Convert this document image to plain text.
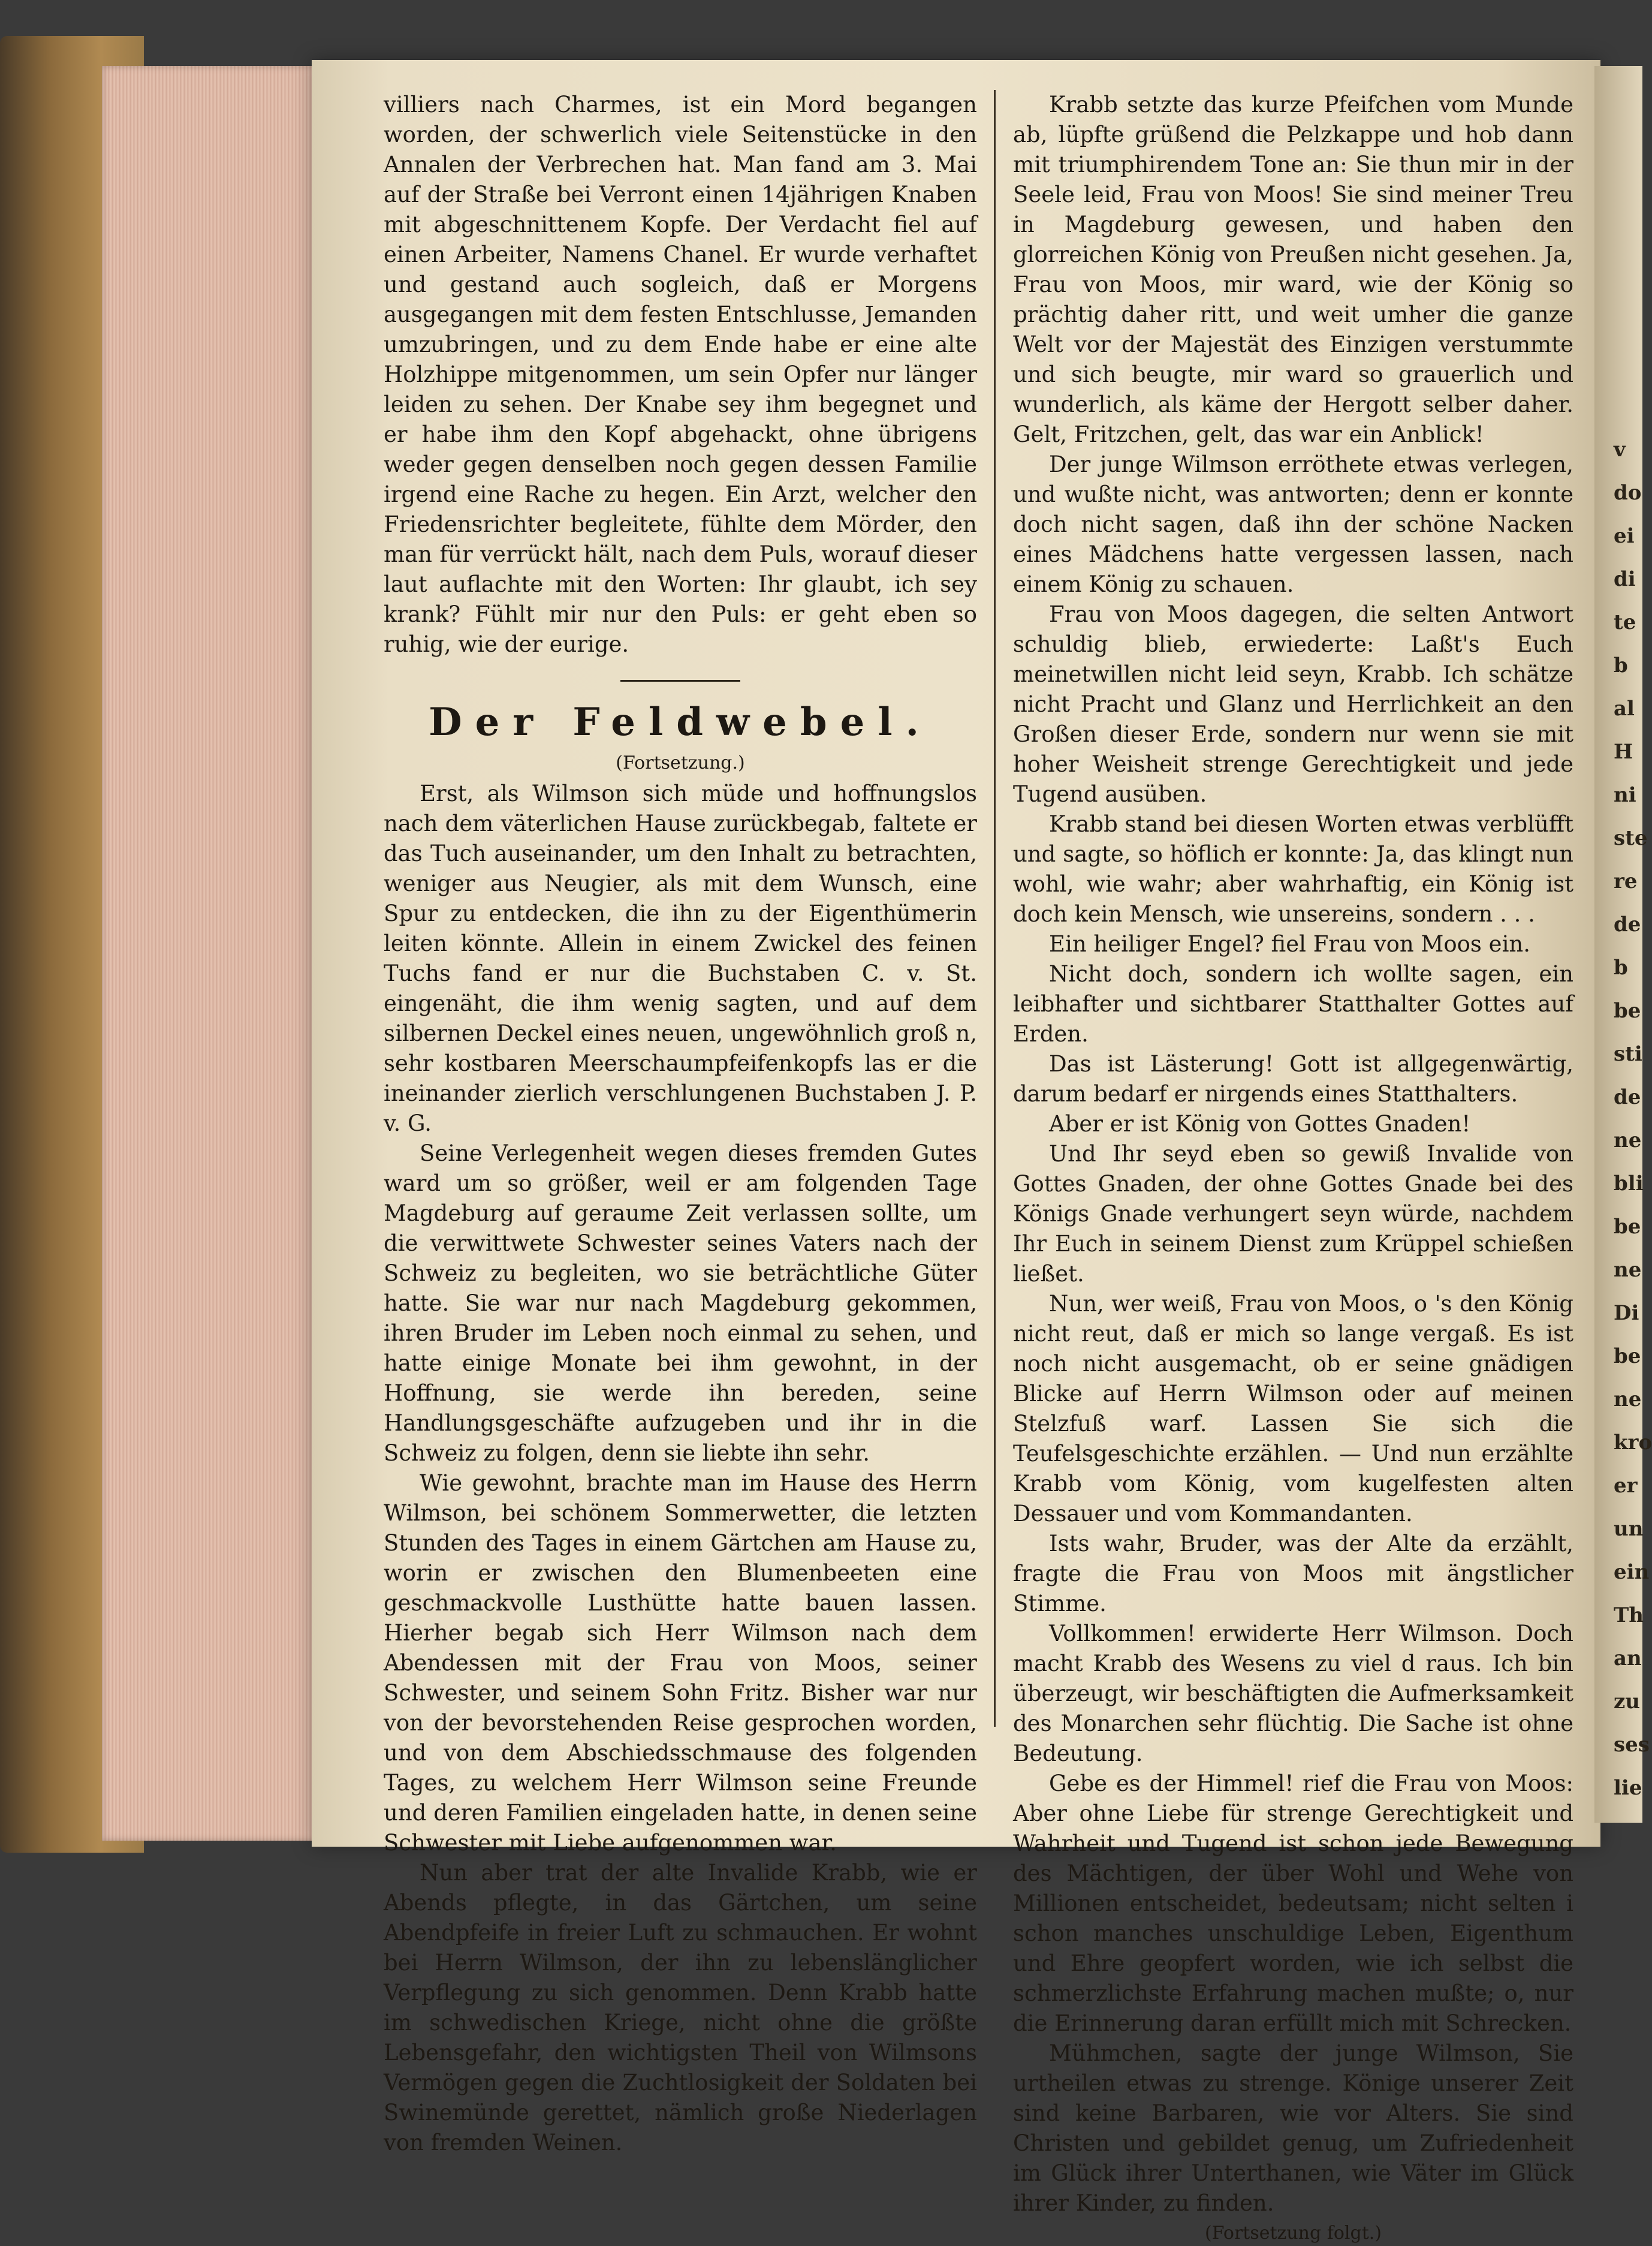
v
do
ei
di
te
b
al
H
ni
ste
re
de
b
be
sti
de
ne
bli
be
ne
Di
be
ne
kro
er
un
ein
Th
an
zu
ses
lie

villiers nach Charmes, ist ein Mord begangen worden, der schwerlich viele Seitenstücke in den Annalen der Verbrechen hat. Man fand am 3. Mai auf der Straße bei Verront einen 14jährigen Knaben mit abgeschnittenem Kopfe. Der Verdacht fiel auf einen Arbeiter, Namens Chanel. Er wurde verhaftet und gestand auch sogleich, daß er Morgens ausgegangen mit dem festen Entschlusse, Jemanden umzubringen, und zu dem Ende habe er eine alte Holzhippe mitgenommen, um sein Opfer nur länger leiden zu sehen. Der Knabe sey ihm begegnet und er habe ihm den Kopf abgehackt, ohne übrigens weder gegen denselben noch gegen dessen Familie irgend eine Rache zu hegen. Ein Arzt, welcher den Friedensrichter begleitete, fühlte dem Mörder, den man für verrückt hält, nach dem Puls, worauf dieser laut auflachte mit den Worten: Ihr glaubt, ich sey krank? Fühlt mir nur den Puls: er geht eben so ruhig, wie der eurige.

Der Feldwebel.
(Fortsetzung.)

Erst, als Wilmson sich müde und hoffnungslos nach dem väterlichen Hause zurückbegab, faltete er das Tuch auseinander, um den Inhalt zu betrachten, weniger aus Neugier, als mit dem Wunsch, eine Spur zu entdecken, die ihn zu der Eigenthümerin leiten könnte. Allein in einem Zwickel des feinen Tuchs fand er nur die Buchstaben C. v. St. eingenäht, die ihm wenig sagten, und auf dem silbernen Deckel eines neuen, ungewöhnlich groß n, sehr kostbaren Meerschaumpfeifenkopfs las er die ineinander zierlich verschlungenen Buchstaben J. P. v. G.

Seine Verlegenheit wegen dieses fremden Gutes ward um so größer, weil er am folgenden Tage Magdeburg auf geraume Zeit verlassen sollte, um die verwittwete Schwester seines Vaters nach der Schweiz zu begleiten, wo sie beträchtliche Güter hatte. Sie war nur nach Magdeburg gekommen, ihren Bruder im Leben noch einmal zu sehen, und hatte einige Monate bei ihm gewohnt, in der Hoffnung, sie werde ihn bereden, seine Handlungsgeschäfte aufzugeben und ihr in die Schweiz zu folgen, denn sie liebte ihn sehr.

Wie gewohnt, brachte man im Hause des Herrn Wilmson, bei schönem Sommerwetter, die letzten Stunden des Tages in einem Gärtchen am Hause zu, worin er zwischen den Blumenbeeten eine geschmackvolle Lusthütte hatte bauen lassen. Hierher begab sich Herr Wilmson nach dem Abendessen mit der Frau von Moos, seiner Schwester, und seinem Sohn Fritz. Bisher war nur von der bevorstehenden Reise gesprochen worden, und von dem Abschiedsschmause des folgenden Tages, zu welchem Herr Wilmson seine Freunde und deren Familien eingeladen hatte, in denen seine Schwester mit Liebe aufgenommen war.

Nun aber trat der alte Invalide Krabb, wie er Abends pflegte, in das Gärtchen, um seine Abendpfeife in freier Luft zu schmauchen. Er wohnt bei Herrn Wilmson, der ihn zu lebenslänglicher Verpflegung zu sich genommen. Denn Krabb hatte im schwedischen Kriege, nicht ohne die größte Lebensgefahr, den wichtigsten Theil von Wilmsons Vermögen gegen die Zuchtlosigkeit der Soldaten bei Swinemünde gerettet, nämlich große Niederlagen von fremden Weinen.

Krabb setzte das kurze Pfeifchen vom Munde ab, lüpfte grüßend die Pelzkappe und hob dann mit triumphirendem Tone an: Sie thun mir in der Seele leid, Frau von Moos! Sie sind meiner Treu in Magdeburg gewesen, und haben den glorreichen König von Preußen nicht gesehen. Ja, Frau von Moos, mir ward, wie der König so prächtig daher ritt, und weit umher die ganze Welt vor der Majestät des Einzigen verstummte und sich beugte, mir ward so grauerlich und wunderlich, als käme der Hergott selber daher. Gelt, Fritzchen, gelt, das war ein Anblick!

Der junge Wilmson erröthete etwas verlegen, und wußte nicht, was antworten; denn er konnte doch nicht sagen, daß ihn der schöne Nacken eines Mädchens hatte vergessen lassen, nach einem König zu schauen.

Frau von Moos dagegen, die selten Antwort schuldig blieb, erwiederte: Laßt's Euch meinetwillen nicht leid seyn, Krabb. Ich schätze nicht Pracht und Glanz und Herrlichkeit an den Großen dieser Erde, sondern nur wenn sie mit hoher Weisheit strenge Gerechtigkeit und jede Tugend ausüben.

Krabb stand bei diesen Worten etwas verblüfft und sagte, so höflich er konnte: Ja, das klingt nun wohl, wie wahr; aber wahrhaftig, ein König ist doch kein Mensch, wie unsereins, sondern . . .

Ein heiliger Engel? fiel Frau von Moos ein.

Nicht doch, sondern ich wollte sagen, ein leibhafter und sichtbarer Statthalter Gottes auf Erden.

Das ist Lästerung! Gott ist allgegenwärtig, darum bedarf er nirgends eines Statthalters.

Aber er ist König von Gottes Gnaden!

Und Ihr seyd eben so gewiß Invalide von Gottes Gnaden, der ohne Gottes Gnade bei des Königs Gnade verhungert seyn würde, nachdem Ihr Euch in seinem Dienst zum Krüppel schießen ließet.

Nun, wer weiß, Frau von Moos, o 's den König nicht reut, daß er mich so lange vergaß. Es ist noch nicht ausgemacht, ob er seine gnädigen Blicke auf Herrn Wilmson oder auf meinen Stelzfuß warf. Lassen Sie sich die Teufelsgeschichte erzählen. — Und nun erzählte Krabb vom König, vom kugelfesten alten Dessauer und vom Kommandanten.

Ists wahr, Bruder, was der Alte da erzählt, fragte die Frau von Moos mit ängstlicher Stimme.

Vollkommen! erwiderte Herr Wilmson. Doch macht Krabb des Wesens zu viel d raus. Ich bin überzeugt, wir beschäftigten die Aufmerksamkeit des Monarchen sehr flüchtig. Die Sache ist ohne Bedeutung.

Gebe es der Himmel! rief die Frau von Moos: Aber ohne Liebe für strenge Gerechtigkeit und Wahrheit und Tugend ist schon jede Bewegung des Mächtigen, der über Wohl und Wehe von Millionen entscheidet, bedeutsam; nicht selten i schon manches unschuldige Leben, Eigenthum und Ehre geopfert worden, wie ich selbst die schmerzlichste Erfahrung machen mußte; o, nur die Erinnerung daran erfüllt mich mit Schrecken.

Mühmchen, sagte der junge Wilmson, Sie urtheilen etwas zu strenge. Könige unserer Zeit sind keine Barbaren, wie vor Alters. Sie sind Christen und gebildet genug, um Zufriedenheit im Glück ihrer Unterthanen, wie Väter im Glück ihrer Kinder, zu finden.

(Fortsetzung folgt.)
